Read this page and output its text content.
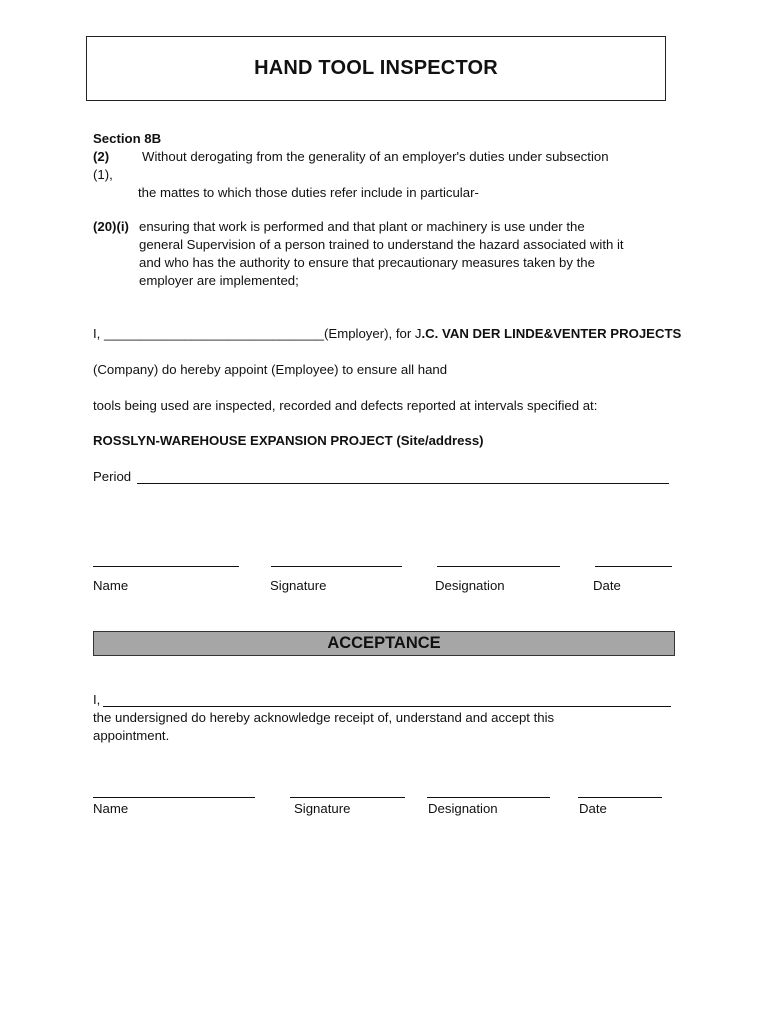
HAND TOOL INSPECTOR
Section 8B
(2) Without derogating from the generality of an employer's duties under subsection
(1),
the mattes to which those duties refer include in particular-
(20)(i) ensuring that work is performed and that plant or machinery is use under the
general Supervision of a person trained to understand the hazard associated with it
and who has the authority to ensure that precautionary measures taken by the
employer are implemented;
I, ______________________________(Employer), for J.C. VAN DER LINDE&VENTER PROJECTS
(Company) do hereby appoint (Employee) to ensure all hand
tools being used are inspected, recorded and defects reported at intervals specified at:
ROSSLYN-WAREHOUSE EXPANSION PROJECT (Site/address)
Period
Name	Signature	Designation	Date
ACCEPTANCE
I,
the undersigned do hereby acknowledge receipt of, understand and accept this
appointment.
Name	Signature	Designation	Date
